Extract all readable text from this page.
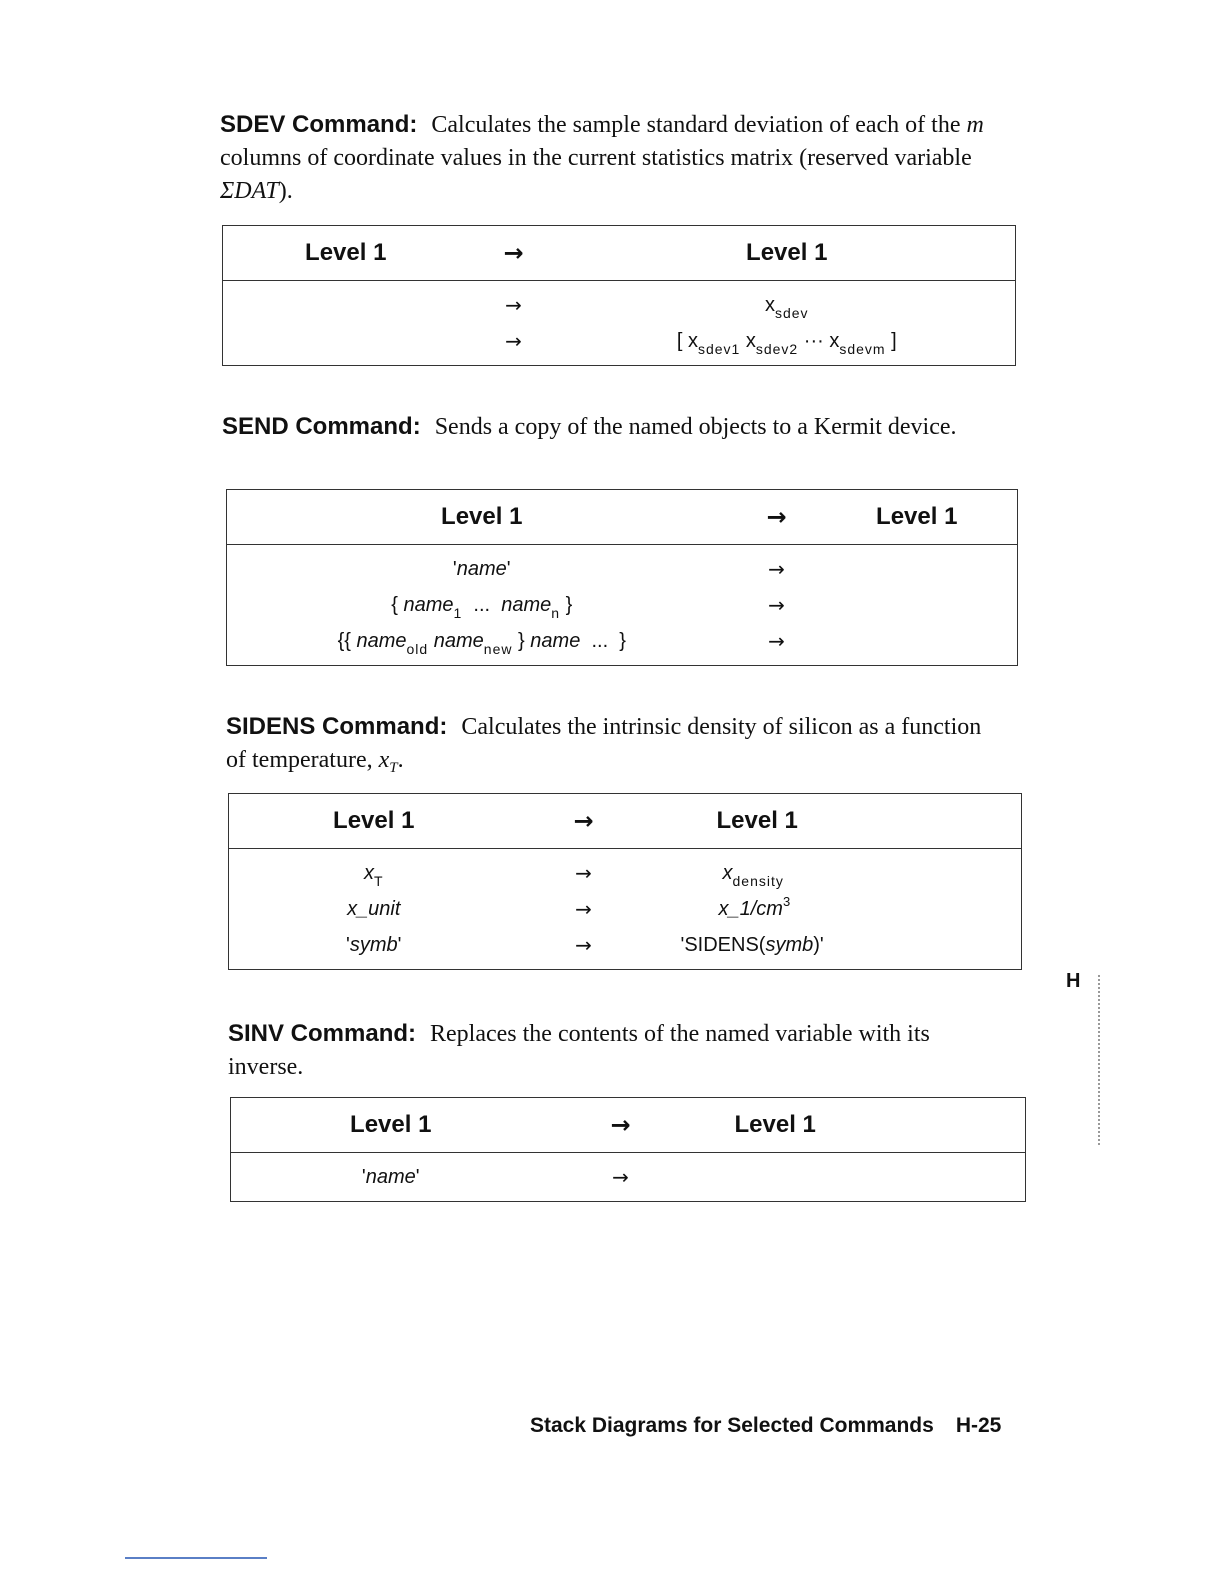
SDEV Command: Calculates the sample standard deviation of each of the m columns of coordinate values in the current statistics matrix (reserved variable ΣDAT).

Level 1	→	Level 1
	→	$x_{sdev}$
	→	[ $x_{sdev1}$ $x_{sdev2}$ ··· $x_{sdevm}$ ]

SEND Command: Sends a copy of the named objects to a Kermit device.

Level 1	→	Level 1
'name'	→	
{ name$_1$ ... name$_n$ }	→	
{{ name$_{old}$ name$_{new}$ } name ... }	→	

SIDENS Command: Calculates the intrinsic density of silicon as a function of temperature, $x_T$.

Level 1	→	Level 1
$x_T$	→	$x_{density}$
x_unit	→	$x\_1/cm^3$
'symb'	→	'SIDENS(symb)'

SINV Command: Replaces the contents of the named variable with its inverse.

Level 1	→	Level 1
'name'	→	
H
Stack Diagrams for Selected Commands H-25
